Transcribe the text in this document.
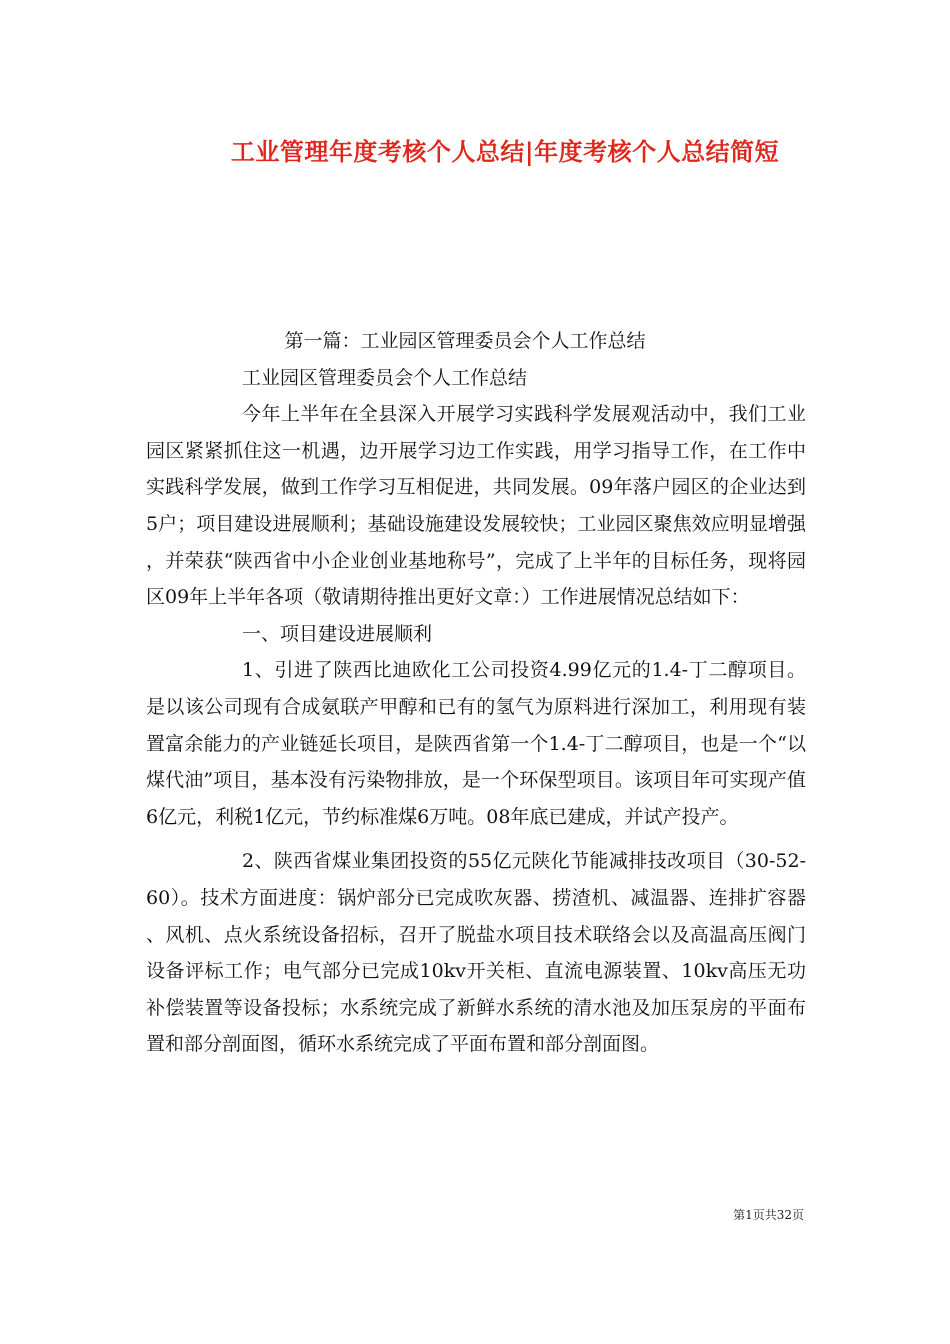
工业管理年度考核个人总结|年度考核个人总结简短

第一篇：工业园区管理委员会个人工作总结

工业园区管理委员会个人工作总结

今年上半年在全县深入开展学习实践科学发展观活动中，我们工业园区紧紧抓住这一机遇，边开展学习边工作实践，用学习指导工作，在工作中实践科学发展，做到工作学习互相促进，共同发展。09年落户园区的企业达到5户；项目建设进展顺利；基础设施建设发展较快；工业园区聚焦效应明显增强，并荣获“陕西省中小企业创业基地称号”，完成了上半年的目标任务，现将园区09年上半年各项（敬请期待推出更好文章：）工作进展情况总结如下：

一、项目建设进展顺利

1、引进了陕西比迪欧化工公司投资4.99亿元的1.4-丁二醇项目。是以该公司现有合成氨联产甲醇和已有的氢气为原料进行深加工，利用现有装置富余能力的产业链延长项目，是陕西省第一个1.4-丁二醇项目，也是一个“以煤代油”项目，基本没有污染物排放，是一个环保型项目。该项目年可实现产值6亿元，利税1亿元，节约标准煤6万吨。08年底已建成，并试产投产。

2、陕西省煤业集团投资的55亿元陕化节能减排技改项目（30-52-60）。技术方面进度：锅炉部分已完成吹灰器、捞渣机、减温器、连排扩容器、风机、点火系统设备招标，召开了脱盐水项目技术联络会以及高温高压阀门设备评标工作；电气部分已完成10kv开关柜、直流电源装置、10kv高压无功补偿装置等设备投标；水系统完成了新鲜水系统的清水池及加压泵房的平面布置和部分剖面图，循环水系统完成了平面布置和部分剖面图。

第1页共32页
